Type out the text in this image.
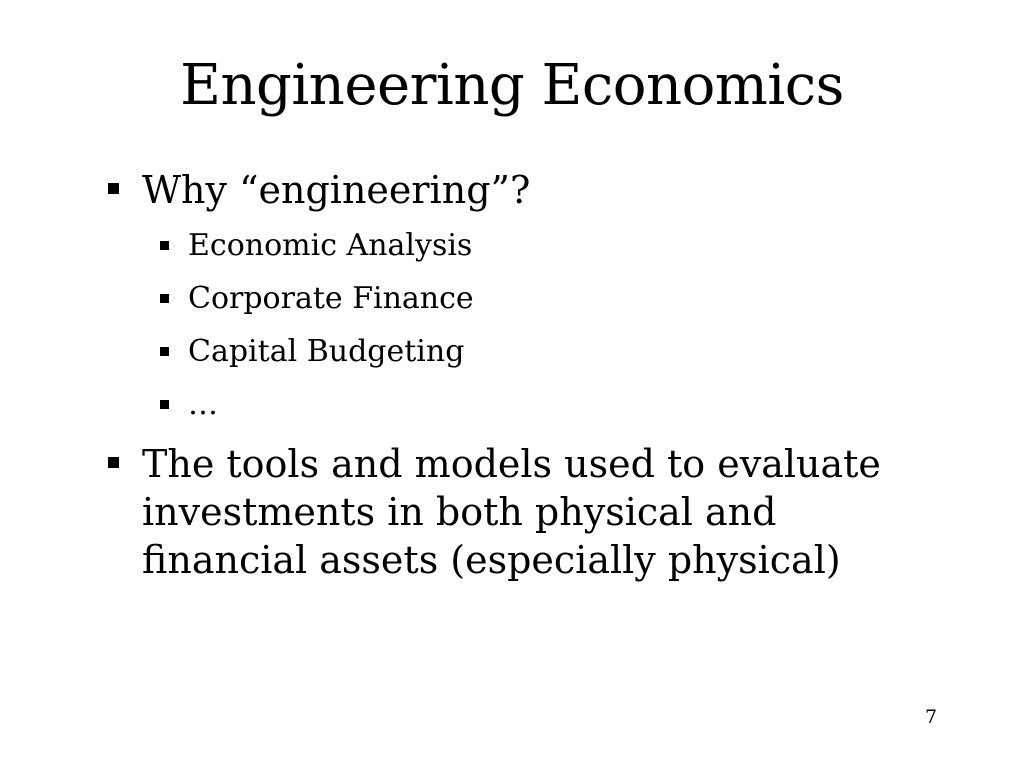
Engineering Economics
Why “engineering”?
Economic Analysis
Corporate Finance
Capital Budgeting
…
The tools and models used to evaluate investments in both physical and financial assets (especially physical)
7
